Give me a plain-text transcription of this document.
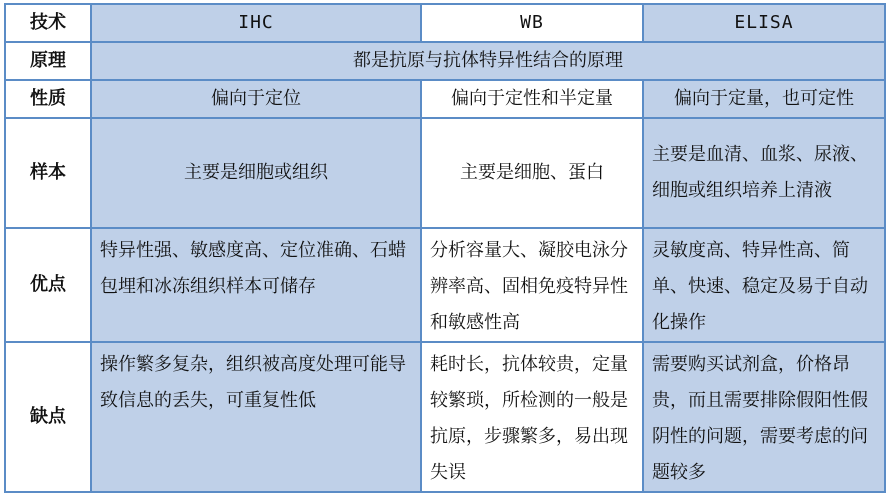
技术	IHC	WB	ELISA
原理	都是抗原与抗体特异性结合的原理		
性质	偏向于定位	偏向于定性和半定量	偏向于定量，也可定性
样本	主要是细胞或组织	主要是细胞、蛋白	主要是血清、血浆、尿液、细胞或组织培养上清液
优点	特异性强、敏感度高、定位准确、石蜡包埋和冰冻组织样本可储存	分析容量大、凝胶电泳分辨率高、固相免疫特异性和敏感性高	灵敏度高、特异性高、简单、快速、稳定及易于自动化操作
缺点	操作繁多复杂，组织被高度处理可能导致信息的丢失，可重复性低	耗时长，抗体较贵，定量较繁琐，所检测的一般是抗原，步骤繁多，易出现失误	需要购买试剂盒，价格昂贵，而且需要排除假阳性假阴性的问题，需要考虑的问题较多
